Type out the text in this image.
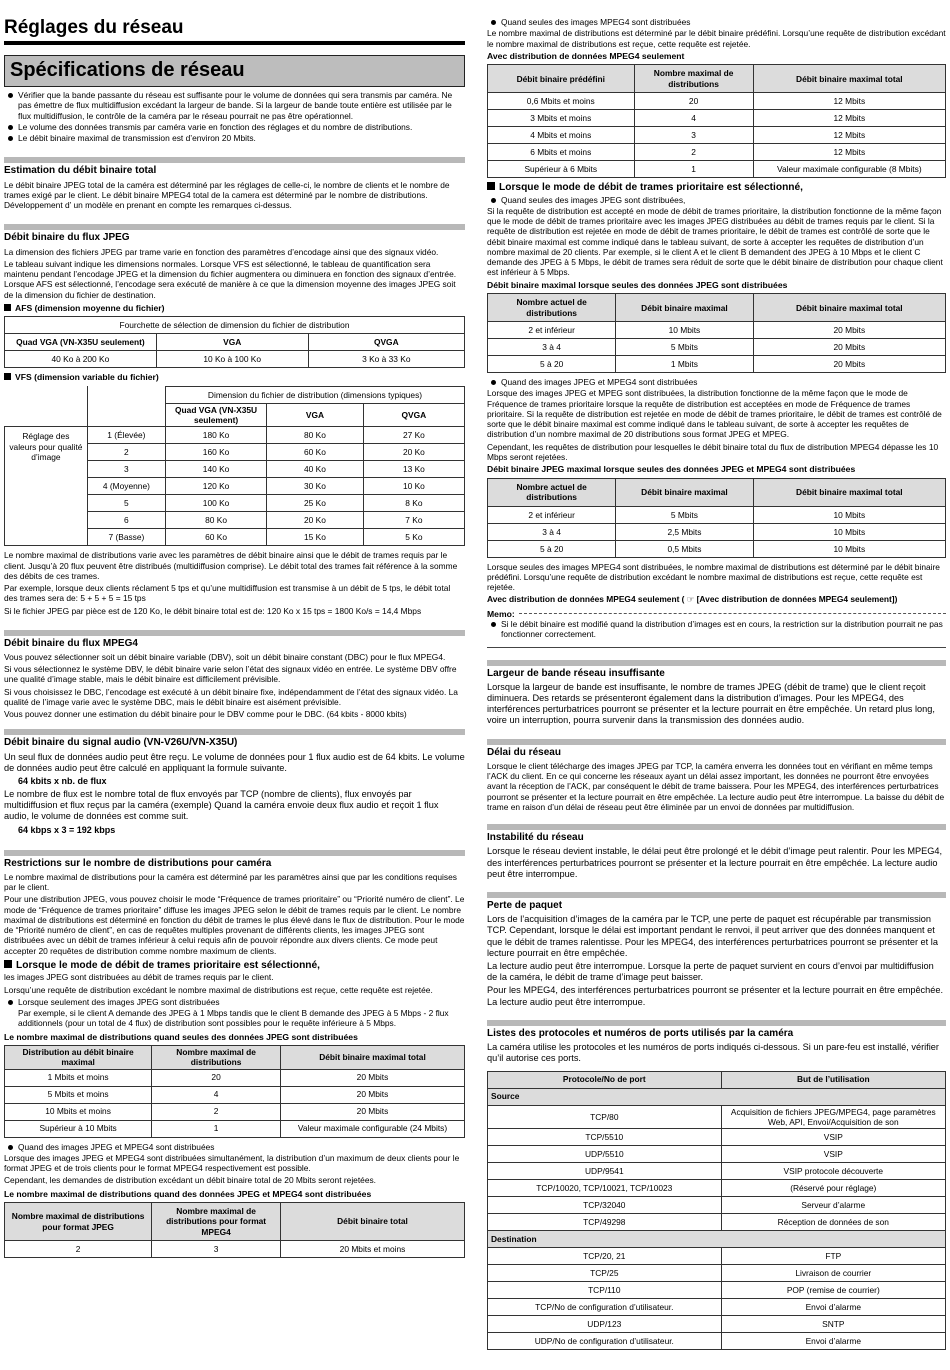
Réglages du réseau
Spécifications de réseau
Vérifier que la bande passante du réseau est suffisante pour le volume de données qui sera transmis par caméra. Ne pas émettre de flux multidiffusion excédant la largeur de bande. Si la largeur de bande toute entière est utilisée par le flux multidiffusion, le contrôle de la caméra par le réseau pourrait ne pas être opérationnel.
Le volume des données transmis par caméra varie en fonction des réglages et du nombre de distributions.
Le débit binaire maximal de transmission est d’environ 20 Mbits.
Estimation du débit binaire total

Le débit binaire JPEG total de la caméra est déterminé par les réglages de celle-ci, le nombre de clients et le nombre de trames exigé par le client. Le débit binaire MPEG4 total de la camera est déterminé par le nombre de distributions. Développement d’ un modèle en prenant en compte les remarques ci-dessus.

Débit binaire du flux JPEG

La dimension des fichiers JPEG par trame varie en fonction des paramètres d’encodage ainsi que des signaux vidéo.

Le tableau suivant indique les dimensions normales. Lorsque VFS est sélectionné, le tableau de quantification sera maintenu pendant l’encodage JPEG et la dimension du fichier augmentera ou diminuera en fonction des signaux d’entrée. Lorsque AFS est sélectionné, l’encodage sera exécuté de manière à ce que la dimension moyenne des images JPEG soit de la dimension du fichier de destination.

AFS (dimension moyenne du fichier)
Fourchette de sélection de dimension du fichier de distribution		
Quad VGA (VN-X35U seulement)	VGA	QVGA
40 Ko à 200 Ko	10 Ko à 100 Ko	3 Ko à 33 Ko
VFS (dimension variable du fichier)
		Dimension du fichier de distribution (dimensions typiques)		
		Quad VGA (VN-X35U seulement)	VGA	QVGA
Réglage des valeurs pour qualité d’image	1 (Élevée)	180 Ko	80 Ko	27 Ko
	2	160 Ko	60 Ko	20 Ko
	3	140 Ko	40 Ko	13 Ko
	4 (Moyenne)	120 Ko	30 Ko	10 Ko
	5	100 Ko	25 Ko	8 Ko
	6	80 Ko	20 Ko	7 Ko
	7 (Basse)	60 Ko	15 Ko	5 Ko

Le nombre maximal de distributions varie avec les paramètres de débit binaire ainsi que le débit de trames requis par le client. Jusqu’à 20 flux peuvent être distribués (multidiffusion comprise). Le débit total des trames fait référence à la somme des débits de ces trames.

Par exemple, lorsque deux clients réclament 5 tps et qu’une multidiffusion est transmise à un débit de 5 tps, le débit total des trames sera de: 5 + 5 + 5 = 15 tps

Si le fichier JPEG par pièce est de 120 Ko, le débit binaire total est de: 120 Ko x 15 tps = 1800 Ko/s = 14,4 Mbps

Débit binaire du flux MPEG4

Vous pouvez sélectionner soit un débit binaire variable (DBV), soit un débit binaire constant (DBC) pour le flux MPEG4.

Si vous sélectionnez le système DBV, le débit binaire varie selon l’état des signaux vidéo en entrée. Le système DBV offre une qualité d’image stable, mais le débit binaire est difficilement prévisible.

Si vous choisissez le DBC, l’encodage est exécuté à un débit binaire fixe, indépendamment de l’état des signaux vidéo. La qualité de l’image varie avec le système DBC, mais le débit binaire est aisément prévisible.

Vous pouvez donner une estimation du débit binaire pour le DBV comme pour le DBC. (64 kbits - 8000 kbits)

Débit binaire du signal audio (VN-V26U/VN-X35U)

Un seul flux de données audio peut être reçu. Le volume de données pour 1 flux audio est de 64 kbits. Le volume de données audio peut être calculé en appliquant la formule suivante.

64 kbits x nb. de flux

Le nombre de flux est le nombre total de flux envoyés par TCP (nombre de clients), flux envoyés par multidiffusion et flux reçus par la caméra (exemple) Quand la caméra envoie deux flux audio et reçoit 1 flux audio, le volume de données est comme suit.

64 kbps x 3 = 192 kbps
Restrictions sur le nombre de distributions pour caméra

Le nombre maximal de distributions pour la caméra est déterminé par les paramètres ainsi que par les conditions requises par le client.

Pour une distribution JPEG, vous pouvez choisir le mode “Fréquence de trames prioritaire” ou “Priorité numéro de client”. Le mode de “Fréquence de trames prioritaire” diffuse les images JPEG selon le débit de trames requis par le client. Le nombre maximal de distributions est déterminé en fonction du débit de trames le plus élevé dans le flux de distribution. Pour le mode de “Priorité numéro de client”, en cas de requêtes multiples provenant de différents clients, les images JPEG sont distribuées avec un débit de trames inférieur à celui requis afin de pouvoir répondre aux divers clients. Ce mode peut accepter 20 requêtes de distribution comme nombre maximum de clients.

Lorsque le mode de débit de trames prioritaire est sélectionné,

les images JPEG sont distribuées au débit de trames requis par le client.

Lorsqu’une requête de distribution excédant le nombre maximal de distributions est reçue, cette requête est rejetée.

Lorsque seulement des images JPEG sont distribuées

Par exemple, si le client A demande des JPEG à 1 Mbps tandis que le client B demande des JPEG à 5 Mbps - 2 flux additionnels (pour un total de 4 flux) de distribution sont possibles pour le requête inférieure à 5 Mbps.

Le nombre maximal de distributions quand seules des données JPEG sont distribuées
Distribution au débit binaire maximal	Nombre maximal de distributions	Débit binaire maximal total
1 Mbits et moins	20	20 Mbits
5 Mbits et moins	4	20 Mbits
10 Mbits et moins	2	20 Mbits
Supérieur à 10 Mbits	1	Valeur maximale configurable (24 Mbits)
Quand des images JPEG et MPEG4 sont distribuées

Lorsque des images JPEG et MPEG4 sont distribuées simultanément, la distribution d’un maximum de deux clients pour le format JPEG et de trois clients pour le format MPEG4 respectivement est possible.

Cependant, les demandes de distribution excédant un débit binaire total de 20 Mbits seront rejetées.

Le nombre maximal de distributions quand des données JPEG et MPEG4 sont distribuées
Nombre maximal de distributions pour format JPEG	Nombre maximal de distributions pour format MPEG4	Débit binaire total
2	3	20 Mbits et moins
Quand seules des images MPEG4 sont distribuées

Le nombre maximal de distributions est déterminé par le débit binaire prédéfini. Lorsqu’une requête de distribution excédant le nombre maximal de distributions est reçue, cette requête est rejetée.

Avec distribution de données MPEG4 seulement
Débit binaire prédéfini	Nombre maximal de distributions	Débit binaire maximal total
0,6 Mbits et moins	20	12 Mbits
3 Mbits et moins	4	12 Mbits
4 Mbits et moins	3	12 Mbits
6 Mbits et moins	2	12 Mbits
Supérieur à 6 Mbits	1	Valeur maximale configurable (8 Mbits)
Lorsque le mode de débit de trames prioritaire est sélectionné,
Quand seules des images JPEG sont distribuées,

Si la requête de distribution est accepté en mode de débit de trames prioritaire, la distribution fonctionne de la même façon que le mode de débit de trames prioritaire avec les images JPEG distribuées au débit de trames requis par le client. Si la requête de distribution est rejetée en mode de débit de trames prioritaire, le débit de trames est contrôlé de sorte que le débit binaire maximal est comme indiqué dans le tableau suivant, de sorte à accepter les requêtes de distribution d’un nombre maximal de 20 clients. Par exemple, si le client A et le client B demandent des JPEG à 10 Mbps et le client C demande des JPEG à 5 Mbps, le débit de trames sera réduit de sorte que le débit binaire de distribution pour chaque client est inférieur à 5 Mbps.

Débit binaire maximal lorsque seules des données JPEG sont distribuées
Nombre actuel de distributions	Débit binaire maximal	Débit binaire maximal total
2 et inférieur	10 Mbits	20 Mbits
3 à 4	5 Mbits	20 Mbits
5 à 20	1 Mbits	20 Mbits
Quand des images JPEG et MPEG4 sont distribuées

Lorsque des images JPEG et MPEG sont distribuées, la distribution fonctionne de la même façon que le mode de Fréquence de trames prioritaire lorsque la requête de distribution est acceptées en mode de Fréquence de trames prioritaire. Si la requête de distribution est rejetée en mode de débit de trames prioritaire, le débit de trames est contrôlé de sorte que le débit binaire maximal est comme indiqué dans le tableau suivant, de sorte à accepter les requêtes de distribution d’un nombre maximal de 20 distributions sous format JPEG et MPEG.

Cependant, les requêtes de distribution pour lesquelles le débit binaire total du flux de distribution MPEG4 dépasse les 10 Mbps seront rejetées.

Débit binaire JPEG maximal lorsque seules des données JPEG et MPEG4 sont distribuées
Nombre actuel de distributions	Débit binaire maximal	Débit binaire maximal total
2 et inférieur	5 Mbits	10 Mbits
3 à 4	2,5 Mbits	10 Mbits
5 à 20	0,5 Mbits	10 Mbits

Lorsque seules des images MPEG4 sont distribuées, le nombre maximal de distributions est déterminé par le débit binaire prédéfini. Lorsqu’une requête de distribution excédant le nombre maximal de distributions est reçue, cette requête est rejetée.

Avec distribution de données MPEG4 seulement ( ☞ [Avec distribution de données MPEG4 seulement])

Memo:
Si le débit binaire est modifié quand la distribution d’images est en cours, la restriction sur la distribution pourrait ne pas fonctionner correctement.
Largeur de bande réseau insuffisante

Lorsque la largeur de bande est insuffisante, le nombre de trames JPEG (débit de trame) que le client reçoit diminuera. Des retards se présenteront également dans la distribution d’images. Pour les MPEG4, des interférences perturbatrices pourront se présenter et la lecture pourrait en être empêchée. Un retard plus long, voire un interruption, pourra survenir dans la transmission des données audio.

Délai du réseau

Lorsque le client télécharge des images JPEG par TCP, la caméra enverra les données tout en vérifiant en même temps l’ACK du client. En ce qui concerne les réseaux ayant un délai assez important, les données ne pourront être envoyées avant la réception de l’ACK, par conséquent le débit de trame baissera. Pour les MPEG4, des interférences perturbatrices pourront se présenter et la lecture pourrait en être empêchée. La lecture audio peut être interrompue. La baisse du débit de trame en raison d’un délai de réseau peut être éliminée par un envoi de données par multidiffusion.

Instabilité du réseau

Lorsque le réseau devient instable, le délai peut être prolongé et le débit d’image peut ralentir. Pour les MPEG4, des interférences perturbatrices pourront se présenter et la lecture pourrait en être empêchée. La lecture audio peut être interrompue.

Perte de paquet

Lors de l’acquisition d’images de la caméra par le TCP, une perte de paquet est récupérable par transmission TCP. Cependant, lorsque le délai est important pendant le renvoi, il peut arriver que des données manquent et que le débit de trames ralentisse. Pour les MPEG4, des interférences perturbatrices pourront se présenter et la lecture pourrait en être empêchée.

La lecture audio peut être interrompue. Lorsque la perte de paquet survient en cours d’envoi par multidiffusion de la caméra, le débit de trame d’image peut baisser.

Pour les MPEG4, des interférences perturbatrices pourront se présenter et la lecture pourrait en être empêchée. La lecture audio peut être interrompue.

Listes des protocoles et numéros de ports utilisés par la caméra

La caméra utilise les protocoles et les numéros de ports indiqués ci-dessous. Si un pare-feu est installé, vérifier qu’il autorise ces ports.

Protocole/No de port	But de l’utilisation
Source	
TCP/80	Acquisition de fichiers JPEG/MPEG4, page paramètres Web, API, Envoi/Acquisition de son
TCP/5510	VSIP
UDP/5510	VSIP
UDP/9541	VSIP protocole découverte
TCP/10020, TCP/10021, TCP/10023	(Réservé pour réglage)
TCP/32040	Serveur d’alarme
TCP/49298	Réception de données de son
Destination	
TCP/20, 21	FTP
TCP/25	Livraison de courrier
TCP/110	POP (remise de courrier)
TCP/No de configuration d’utilisateur.	Envoi d’alarme
UDP/123	SNTP
UDP/No de configuration d’utilisateur.	Envoi d’alarme
